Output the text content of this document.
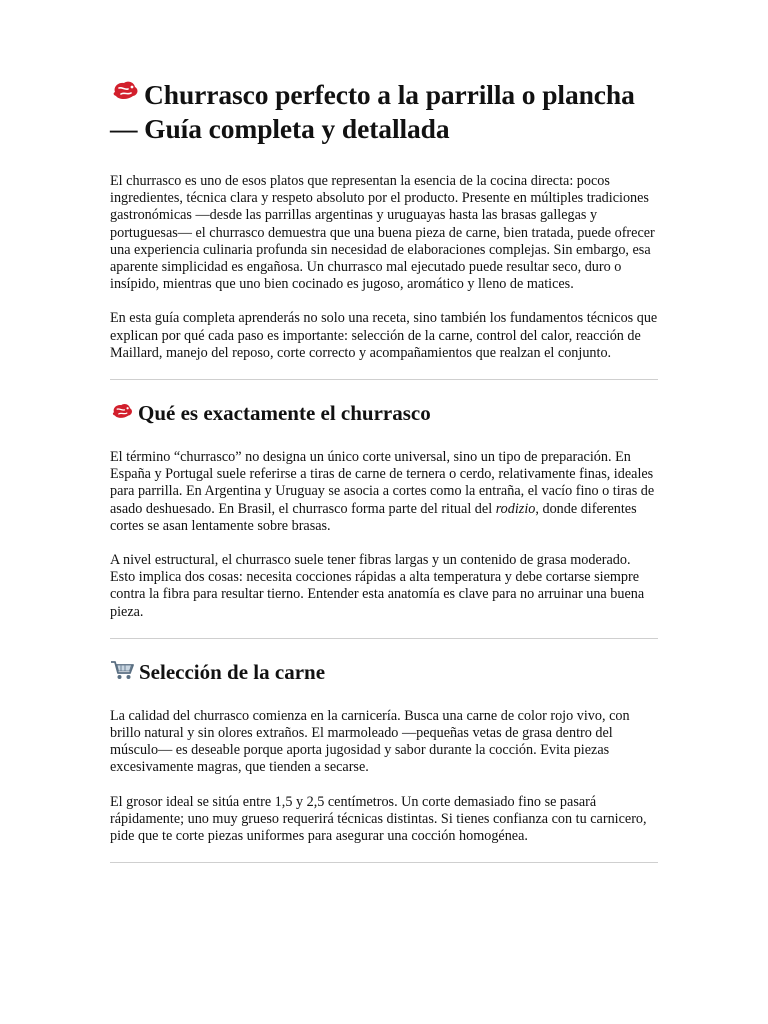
Churrasco perfecto a la parrilla o plancha — Guía completa y detallada

El churrasco es uno de esos platos que representan la esencia de la cocina directa: pocos ingredientes, técnica clara y respeto absoluto por el producto. Presente en múltiples tradiciones gastronómicas —desde las parrillas argentinas y uruguayas hasta las brasas gallegas y portuguesas— el churrasco demuestra que una buena pieza de carne, bien tratada, puede ofrecer una experiencia culinaria profunda sin necesidad de elaboraciones complejas. Sin embargo, esa aparente simplicidad es engañosa. Un churrasco mal ejecutado puede resultar seco, duro o insípido, mientras que uno bien cocinado es jugoso, aromático y lleno de matices.

En esta guía completa aprenderás no solo una receta, sino también los fundamentos técnicos que explican por qué cada paso es importante: selección de la carne, control del calor, reacción de Maillard, manejo del reposo, corte correcto y acompañamientos que realzan el conjunto.

Qué es exactamente el churrasco

El término “churrasco” no designa un único corte universal, sino un tipo de preparación. En España y Portugal suele referirse a tiras de carne de ternera o cerdo, relativamente finas, ideales para parrilla. En Argentina y Uruguay se asocia a cortes como la entraña, el vacío fino o tiras de asado deshuesado. En Brasil, el churrasco forma parte del ritual del rodizio, donde diferentes cortes se asan lentamente sobre brasas.

A nivel estructural, el churrasco suele tener fibras largas y un contenido de grasa moderado. Esto implica dos cosas: necesita cocciones rápidas a alta temperatura y debe cortarse siempre contra la fibra para resultar tierno. Entender esta anatomía es clave para no arruinar una buena pieza.

Selección de la carne

La calidad del churrasco comienza en la carnicería. Busca una carne de color rojo vivo, con brillo natural y sin olores extraños. El marmoleado —pequeñas vetas de grasa dentro del músculo— es deseable porque aporta jugosidad y sabor durante la cocción. Evita piezas excesivamente magras, que tienden a secarse.

El grosor ideal se sitúa entre 1,5 y 2,5 centímetros. Un corte demasiado fino se pasará rápidamente; uno muy grueso requerirá técnicas distintas. Si tienes confianza con tu carnicero, pide que te corte piezas uniformes para asegurar una cocción homogénea.
